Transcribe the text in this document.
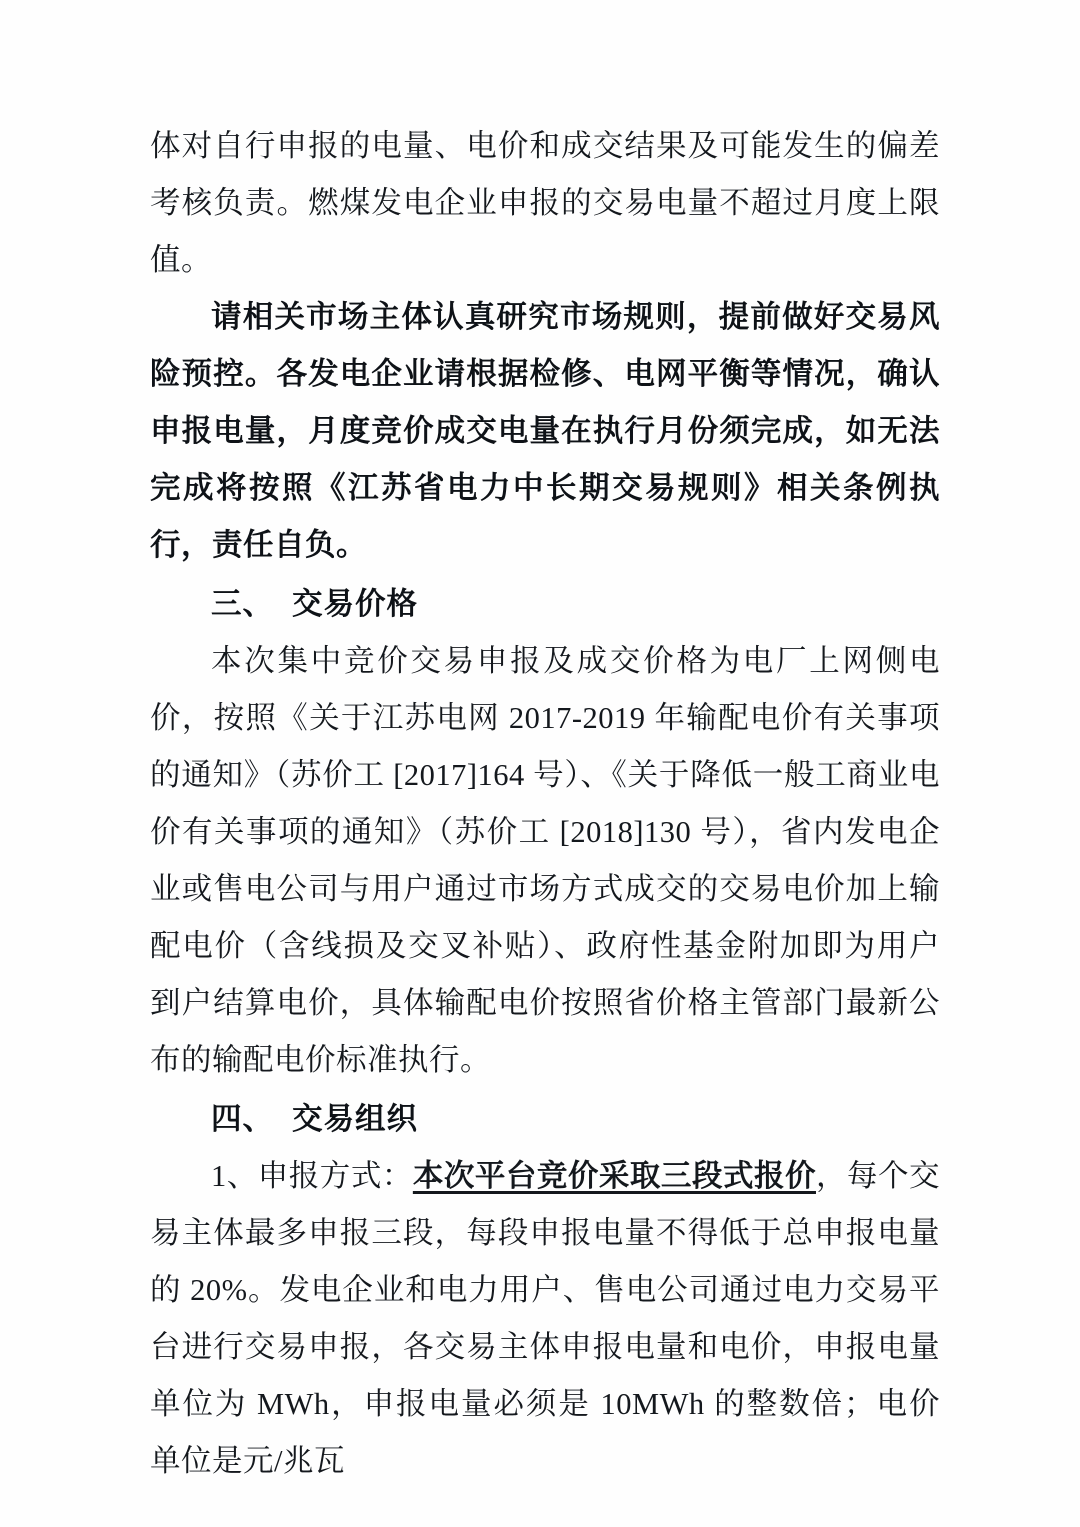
体对自行申报的电量、电价和成交结果及可能发生的偏差考核负责。燃煤发电企业申报的交易电量不超过月度上限值。

请相关市场主体认真研究市场规则，提前做好交易风险预控。各发电企业请根据检修、电网平衡等情况，确认申报电量，月度竞价成交电量在执行月份须完成，如无法完成将按照《江苏省电力中长期交易规则》相关条例执行，责任自负。

三、 交易价格

本次集中竞价交易申报及成交价格为电厂上网侧电价，按照《关于江苏电网 2017-2019 年输配电价有关事项的通知》（苏价工 [2017]164 号）、《关于降低一般工商业电价有关事项的通知》（苏价工 [2018]130 号），省内发电企业或售电公司与用户通过市场方式成交的交易电价加上输配电价（含线损及交叉补贴）、政府性基金附加即为用户到户结算电价，具体输配电价按照省价格主管部门最新公布的输配电价标准执行。

四、 交易组织

1、申报方式：本次平台竞价采取三段式报价，每个交易主体最多申报三段，每段申报电量不得低于总申报电量的 20%。发电企业和电力用户、售电公司通过电力交易平台进行交易申报，各交易主体申报电量和电价，申报电量单位为 MWh，申报电量必须是 10MWh 的整数倍；电价单位是元/兆瓦
